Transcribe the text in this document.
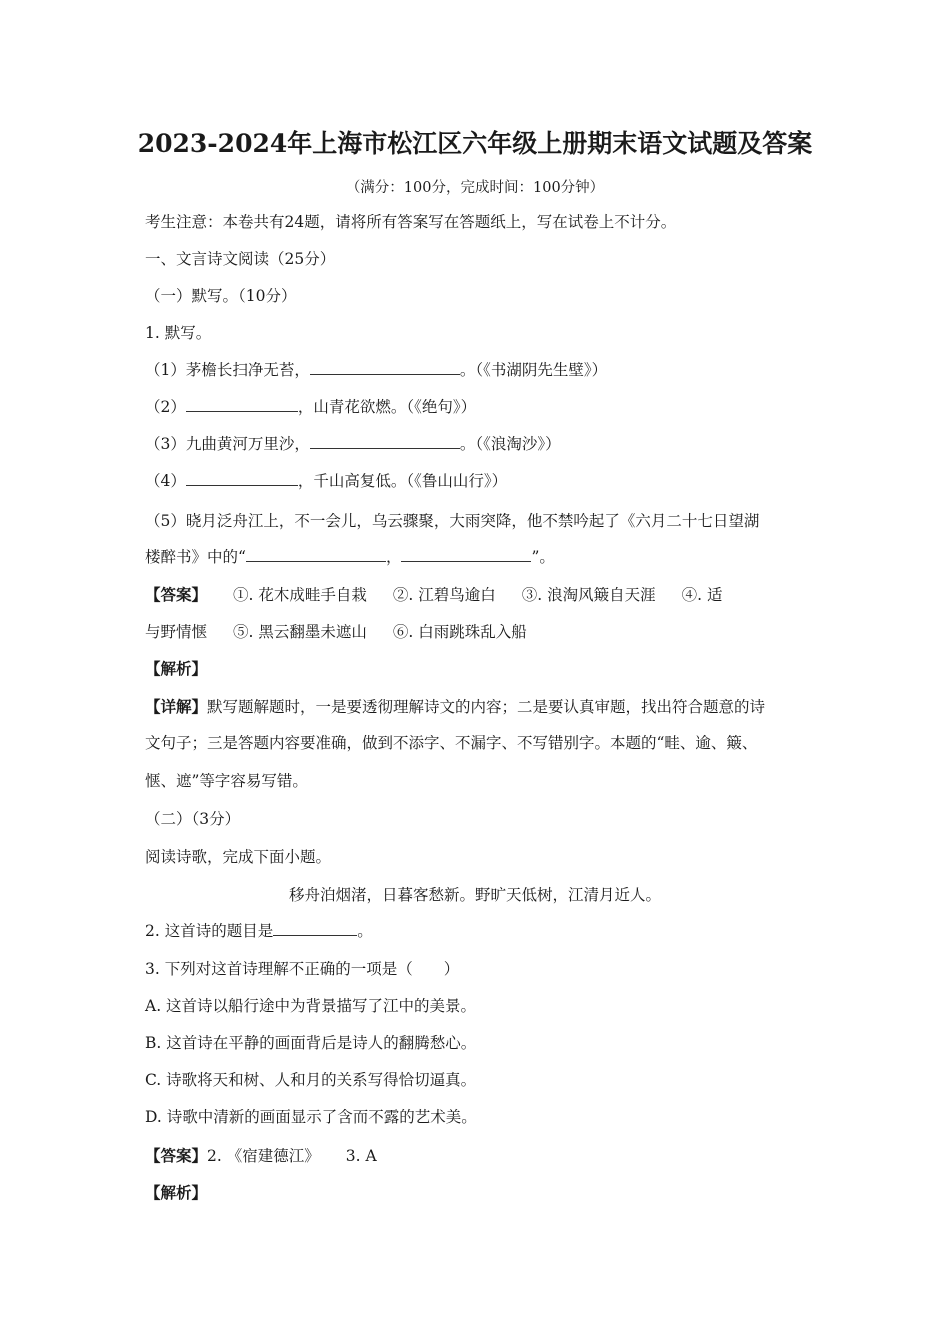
2023-2024年上海市松江区六年级上册期末语文试题及答案
（满分：100分，完成时间：100分钟）
考生注意：本卷共有24题，请将所有答案写在答题纸上，写在试卷上不计分。
一、文言诗文阅读（25分）
（一）默写。（10分）
1. 默写。
（1）茅檐长扫净无苔，	。（《书湖阴先生壁》）
（2）	，山青花欲燃。（《绝句》）
（3）九曲黄河万里沙，	。（《浪淘沙》）
（4）	，千山高复低。（《鲁山山行》）
（5）晓月泛舟江上，不一会儿，乌云骤聚，大雨突降，他不禁吟起了《六月二十七日望湖
楼醉书》中的“	，	”。
【答案】 ①. 花木成畦手自栽 ②. 江碧鸟逾白 ③. 浪淘风簸自天涯 ④. 适
与野情惬 ⑤. 黑云翻墨未遮山 ⑥. 白雨跳珠乱入船
【解析】
【详解】默写题解题时，一是要透彻理解诗文的内容；二是要认真审题，找出符合题意的诗
文句子；三是答题内容要准确，做到不添字、不漏字、不写错别字。本题的“畦、逾、簸、
惬、遮”等字容易写错。
（二）（3分）
阅读诗歌，完成下面小题。
移舟泊烟渚，日暮客愁新。野旷天低树，江清月近人。
2. 这首诗的题目是	。
3. 下列对这首诗理解不正确的一项是（　　）
A. 这首诗以船行途中为背景描写了江中的美景。
B. 这首诗在平静的画面背后是诗人的翻腾愁心。
C. 诗歌将天和树、人和月的关系写得恰切逼真。
D. 诗歌中清新的画面显示了含而不露的艺术美。
【答案】2. 《宿建德江》 3. A
【解析】
